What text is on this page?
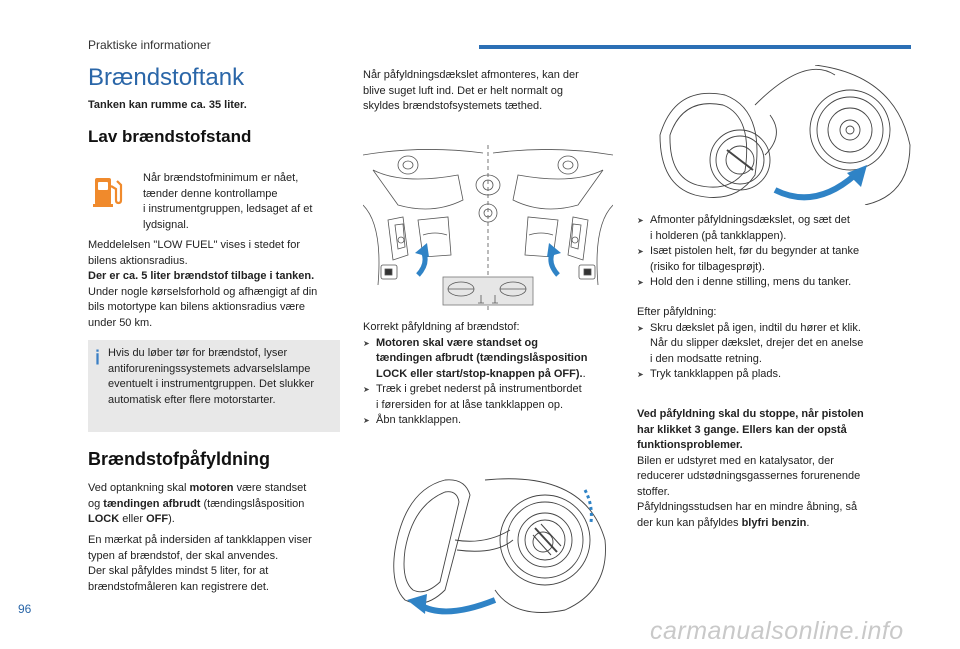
Praktiske informationer
Brændstoftank
Tanken kan rumme ca. 35 liter.
Lav brændstofstand
Når brændstofminimum er nået,
tænder denne kontrollampe
i instrumentgruppen, ledsaget af et
lydsignal.
Meddelelsen "LOW FUEL" vises i stedet for
bilens aktionsradius.
Der er ca. 5 liter brændstof tilbage i tanken.
Under nogle kørselsforhold og afhængigt af din
bils motortype kan bilens aktionsradius være
under 50 km.
Hvis du løber tør for brændstof, lyser
antiforureningssystemets advarselslampe
eventuelt i instrumentgruppen. Det slukker
automatisk efter flere motorstarter.
Brændstofpåfyldning
Ved optankning skal motoren være standset
og tændingen afbrudt (tændingslåsposition
LOCK eller OFF).
En mærkat på indersiden af tankklappen viser
typen af brændstof, der skal anvendes.
Der skal påfyldes mindst 5 liter, for at
brændstofmåleren kan registrere det.
Når påfyldningsdækslet afmonteres, kan der
blive suget luft ind. Det er helt normalt og
skyldes brændstofsystemets tæthed.
Korrekt påfyldning af brændstof:
➤ Motoren skal være standset og
tændingen afbrudt (tændingslåsposition
LOCK eller start/stop-knappen på OFF)..
➤ Træk i grebet nederst på instrumentbordet
i førersiden for at låse tankklappen op.
➤ Åbn tankklappen.
➤ Afmonter påfyldningsdækslet, og sæt det
i holderen (på tankklappen).
➤ Isæt pistolen helt, før du begynder at tanke
(risiko for tilbagesprøjt).
➤ Hold den i denne stilling, mens du tanker.
Efter påfyldning:
➤ Skru dækslet på igen, indtil du hører et klik.
Når du slipper dækslet, drejer det en anelse
i den modsatte retning.
➤ Tryk tankklappen på plads.
Ved påfyldning skal du stoppe, når pistolen
har klikket 3 gange. Ellers kan der opstå
funktionsproblemer.
Bilen er udstyret med en katalysator, der
reducerer udstødningsgassernes forurenende
stoffer.
Påfyldningsstudsen har en mindre åbning, så
der kun kan påfyldes blyfri benzin.
96
carmanualsonline.info
